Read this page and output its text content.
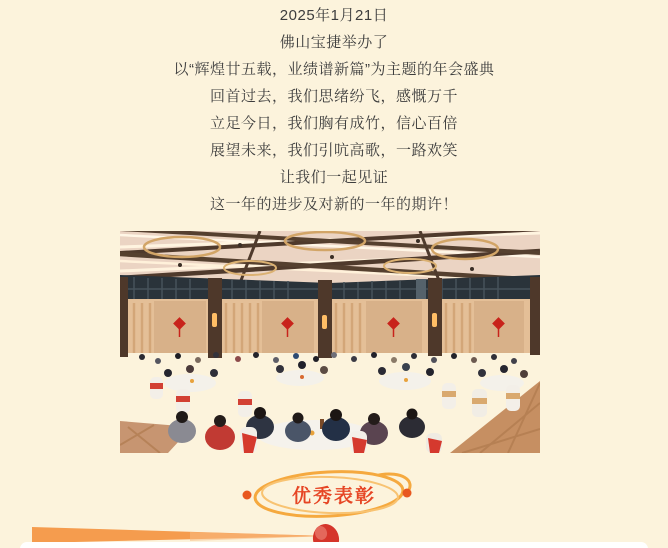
2025年1月21日

佛山宝捷举办了

以“辉煌廿五载，业绩谱新篇”为主题的年会盛典

回首过去，我们思绪纷飞，感慨万千

立足今日，我们胸有成竹，信心百倍

展望未来，我们引吭高歌，一路欢笑

让我们一起见证

这一年的进步及对新的一年的期许！

优秀表彰
